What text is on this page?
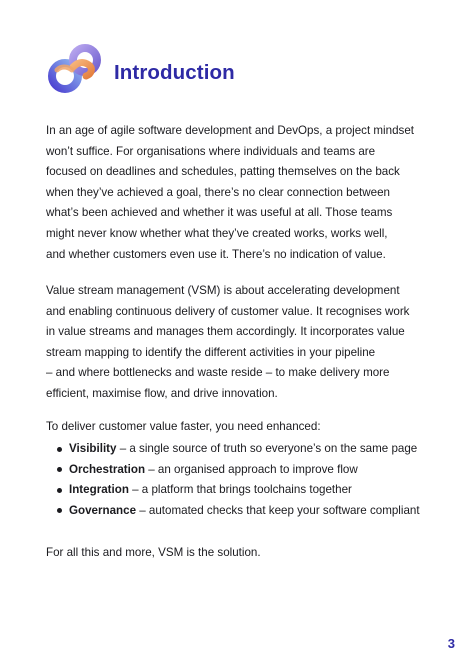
Introduction

In an age of agile software development and DevOps, a project mindset
won’t suffice. For organisations where individuals and teams are
focused on deadlines and schedules, patting themselves on the back
when they’ve achieved a goal, there’s no clear connection between
what’s been achieved and whether it was useful at all. Those teams
might never know whether what they’ve created works, works well,
and whether customers even use it. There’s no indication of value.

Value stream management (VSM) is about accelerating development
and enabling continuous delivery of customer value. It recognises work
in value streams and manages them accordingly. It incorporates value
stream mapping to identify the different activities in your pipeline
– and where bottlenecks and waste reside – to make delivery more
efficient, maximise flow, and drive innovation.

To deliver customer value faster, you need enhanced:

Visibility – a single source of truth so everyone’s on the same page
Orchestration – an organised approach to improve flow
Integration – a platform that brings toolchains together
Governance – automated checks that keep your software compliant

For all this and more, VSM is the solution.

3
